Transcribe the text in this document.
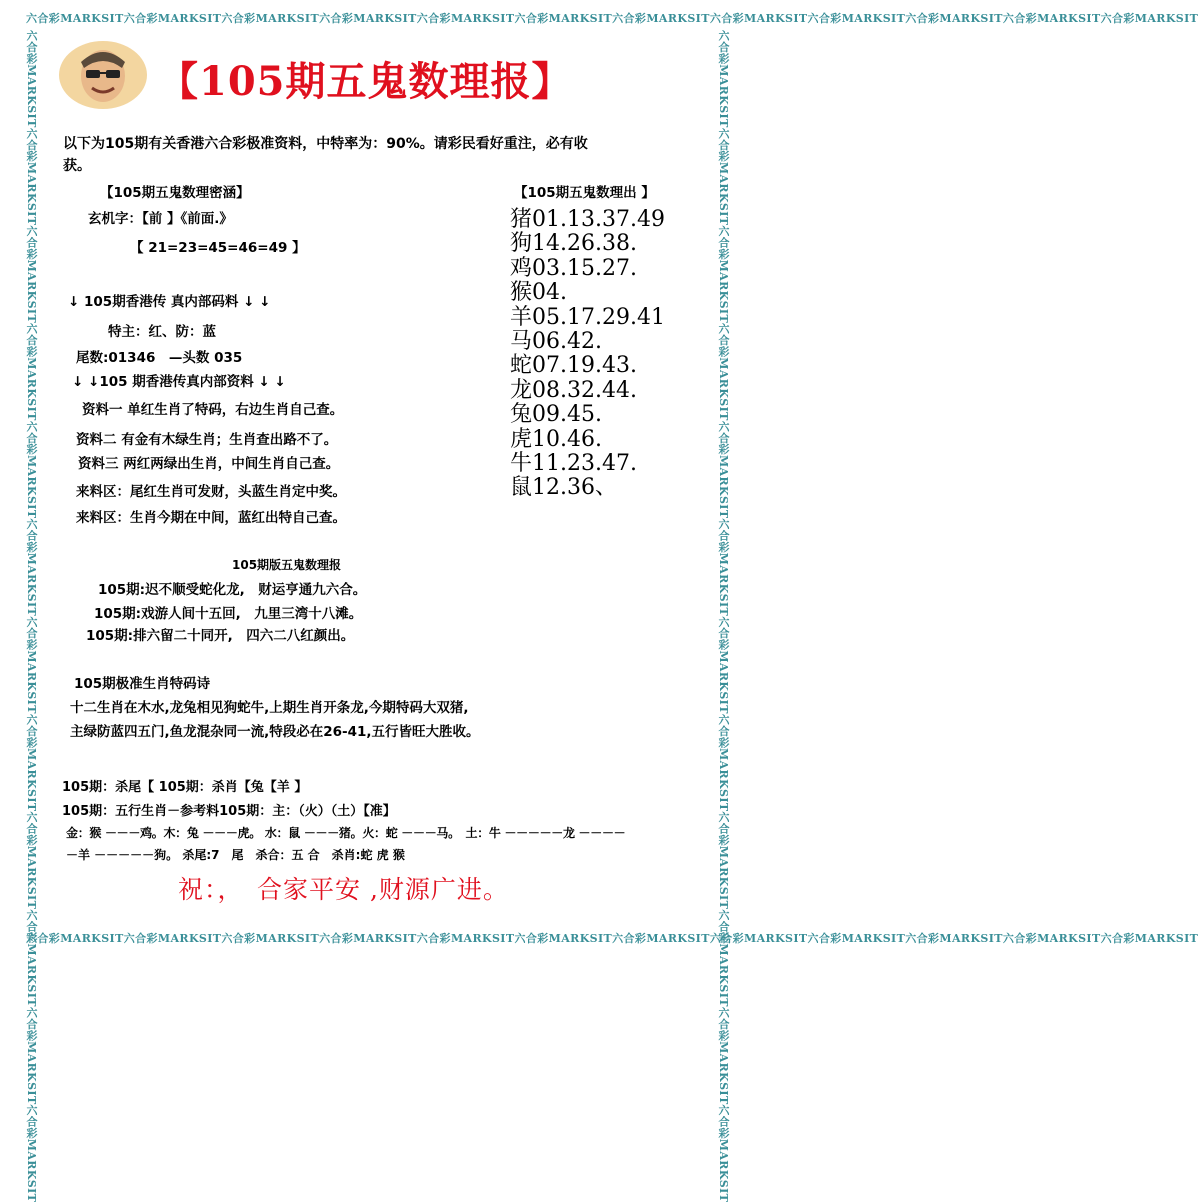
六合彩MARKSIT六合彩MARKSIT六合彩MARKSIT六合彩MARKSIT六合彩MARKSIT六合彩MARKSIT六合彩MARKSIT六合彩MARKSIT六合彩MARKSIT六合彩MARKSIT六合彩MARKSIT六合彩MARKSIT
六合彩MARKSIT六合彩MARKSIT六合彩MARKSIT六合彩MARKSIT六合彩MARKSIT六合彩MARKSIT六合彩MARKSIT六合彩MARKSIT六合彩MARKSIT六合彩MARKSIT六合彩MARKSIT六合彩MARKSIT
六合彩MARKSIT六合彩MARKSIT六合彩MARKSIT六合彩MARKSIT六合彩MARKSIT六合彩MARKSIT六合彩MARKSIT六合彩MARKSIT六合彩MARKSIT六合彩MARKSIT六合彩MARKSIT六合彩MARKSIT	六合彩MARKSIT六合彩MARKSIT六合彩MARKSIT六合彩MARKSIT六合彩MARKSIT六合彩MARKSIT六合彩MARKSIT六合彩MARKSIT六合彩MARKSIT六合彩MARKSIT六合彩MARKSIT六合彩MARKSIT
【105期五鬼数理报】
以下为105期有关香港六合彩极准资料，中特率为：90%。请彩民看好重注，必有收
获。
【105期五鬼数理密涵】
玄机字：【前 】《前面.》
【 21=23=45=46=49 】
【105期五鬼数理出 】
猪01.13.37.49
狗14.26.38.
鸡03.15.27.
猴04.
羊05.17.29.41
马06.42.
蛇07.19.43.
龙08.32.44.
兔09.45.
虎10.46.
牛11.23.47.
鼠12.36、
↓ 105期香港传 真内部码料 ↓ ↓
特主：红、防：蓝
尾数:01346　—头数 035
↓ ↓105 期香港传真内部资料 ↓ ↓
资料一 单红生肖了特码，右边生肖自己查。
资料二 有金有木绿生肖；生肖查出路不了。
资料三 两红两绿出生肖，中间生肖自己查。
来料区：尾红生肖可发财，头蓝生肖定中奖。
来料区：生肖今期在中间，蓝红出特自己查。
105期版五鬼数理报
105期:迟不顺受蛇化龙,　财运亨通九六合。
105期:戏游人间十五回,　九里三湾十八滩。
105期:排六留二十同开,　四六二八红颜出。
105期极准生肖特码诗
十二生肖在木水,龙兔相见狗蛇牛,上期生肖开条龙,今期特码大双猪,
主绿防蓝四五门,鱼龙混杂同一流,特段必在26-41,五行皆旺大胜收。
105期：杀尾【 105期：杀肖【兔【羊 】
105期：五行生肖－参考料105期：主：（火）（土）【准】
金：猴 －－－鸡。木：兔 －－－虎。 水：鼠 －－－猪。火：蛇 －－－马。　土：牛 －－－－－龙 －－－－
－羊 －－－－－狗。 杀尾:7　尾　杀合：五 合　杀肖:蛇 虎 猴
祝：，　合家平安 ,财源广进。
